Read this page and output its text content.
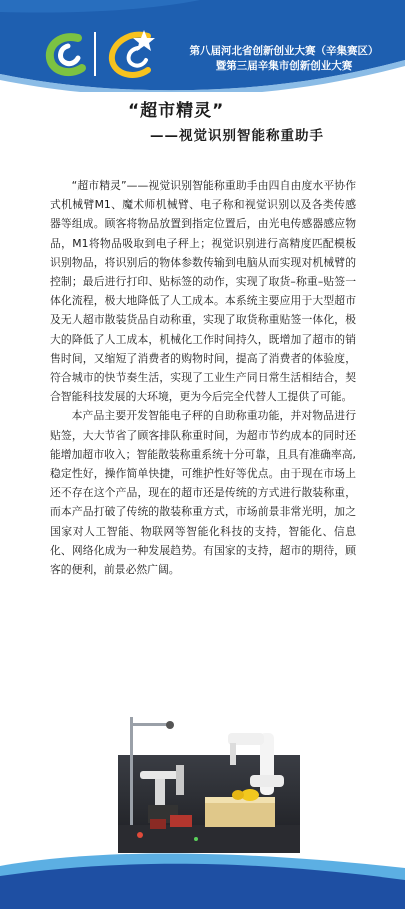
第八届河北省创新创业大赛（辛集赛区）
暨第三届辛集市创新创业大赛
“超市精灵”
——视觉识别智能称重助手

“超市精灵”——视觉识别智能称重助手由四自由度水平协作式机械臂M1、魔术师机械臂、电子称和视觉识别以及各类传感器等组成。顾客将物品放置到指定位置后，由光电传感器感应物品，M1将物品吸取到电子秤上；视觉识别进行高精度匹配模板识别物品，将识别后的物体参数传输到电脑从而实现对机械臂的控制；最后进行打印、贴标签的动作，实现了取货–称重–贴签一体化流程，极大地降低了人工成本。本系统主要应用于大型超市及无人超市散装货品自动称重，实现了取货称重贴签一体化，极大的降低了人工成本，机械化工作时间持久，既增加了超市的销售时间，又缩短了消费者的购物时间，提高了消费者的体验度，符合城市的快节奏生活，实现了工业生产同日常生活相结合，契合智能科技发展的大环境，更为今后完全代替人工提供了可能。

本产品主要开发智能电子秤的自助称重功能，并对物品进行贴签，大大节省了顾客排队称重时间，为超市节约成本的同时还能增加超市收入；智能散装称重系统十分可靠，且具有准确率高,稳定性好，操作简单快捷，可维护性好等优点。由于现在市场上还不存在这个产品，现在的超市还是传统的方式进行散装称重，而本产品打破了传统的散装称重方式，市场前景非常光明，加之国家对人工智能、物联网等智能化科技的支持，智能化、信息化、网络化成为一种发展趋势。有国家的支持，超市的期待，顾客的便利，前景必然广阔。
